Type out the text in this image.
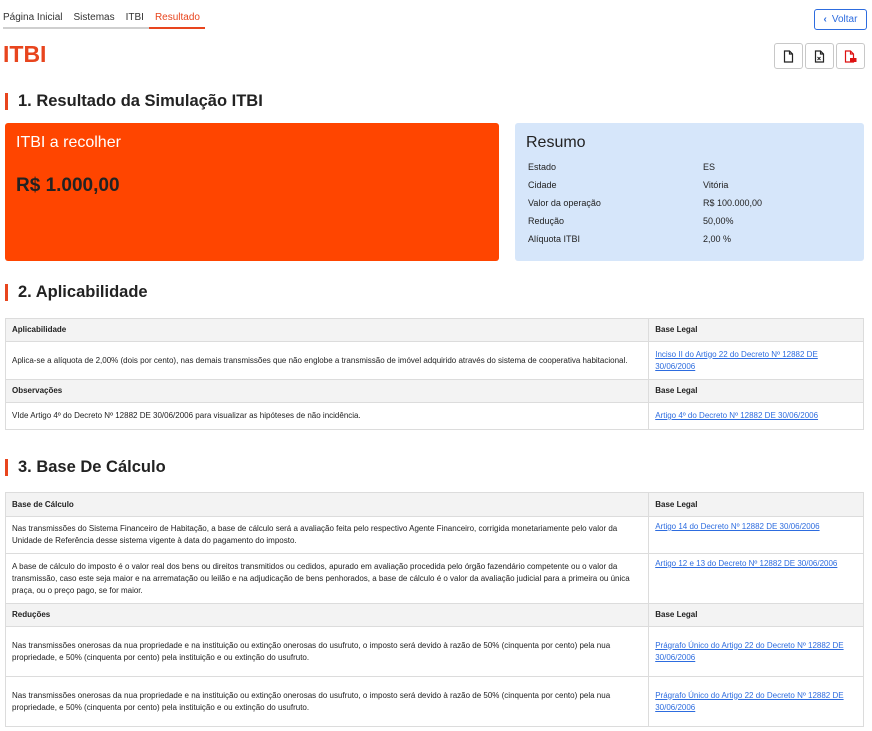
Página Inicial	Sistemas	ITBI	Resultado	‹ Voltar
ITBI
1. Resultado da Simulação ITBI
ITBI a recolher
R$ 1.000,00
Resumo
Estado	ES
Cidade	Vitória
Valor da operação	R$ 100.000,00
Redução	50,00%
Alíquota ITBI	2,00 %
2. Aplicabilidade
Aplicabilidade	Base Legal
Aplica-se a alíquota de 2,00% (dois por cento), nas demais transmissões que não englobe a transmissão de imóvel adquirido através do sistema de cooperativa habitacional.	Inciso II do Artigo 22 do Decreto Nº 12882 DE 30/06/2006
Observações	Base Legal
VIde Artigo 4º do Decreto Nº 12882 DE 30/06/2006 para visualizar as hipóteses de não incidência.	Artigo 4º do Decreto Nº 12882 DE 30/06/2006
3. Base De Cálculo
Base de Cálculo	Base Legal
Nas transmissões do Sistema Financeiro de Habitação, a base de cálculo será a avaliação feita pelo respectivo Agente Financeiro, corrigida monetariamente pelo valor da Unidade de Referência desse sistema vigente à data do pagamento do imposto.	Artigo 14 do Decreto Nº 12882 DE 30/06/2006
A base de cálculo do imposto é o valor real dos bens ou direitos transmitidos ou cedidos, apurado em avaliação procedida pelo órgão fazendário competente ou o valor da transmissão, caso este seja maior e na arrematação ou leilão e na adjudicação de bens penhorados, a base de cálculo é o valor da avaliação judicial para a primeira ou única praça, ou o preço pago, se for maior.	Artigo 12 e 13 do Decreto Nº 12882 DE 30/06/2006
Reduções	Base Legal
Nas transmissões onerosas da nua propriedade e na instituição ou extinção onerosas do usufruto, o imposto será devido à razão de 50% (cinquenta por cento) pela nua propriedade, e 50% (cinquenta por cento) pela instituição e ou extinção do usufruto.	Prágrafo Único do Artigo 22 do Decreto Nº 12882 DE 30/06/2006
Nas transmissões onerosas da nua propriedade e na instituição ou extinção onerosas do usufruto, o imposto será devido à razão de 50% (cinquenta por cento) pela nua propriedade, e 50% (cinquenta por cento) pela instituição e ou extinção do usufruto.	Prágrafo Único do Artigo 22 do Decreto Nº 12882 DE 30/06/2006
